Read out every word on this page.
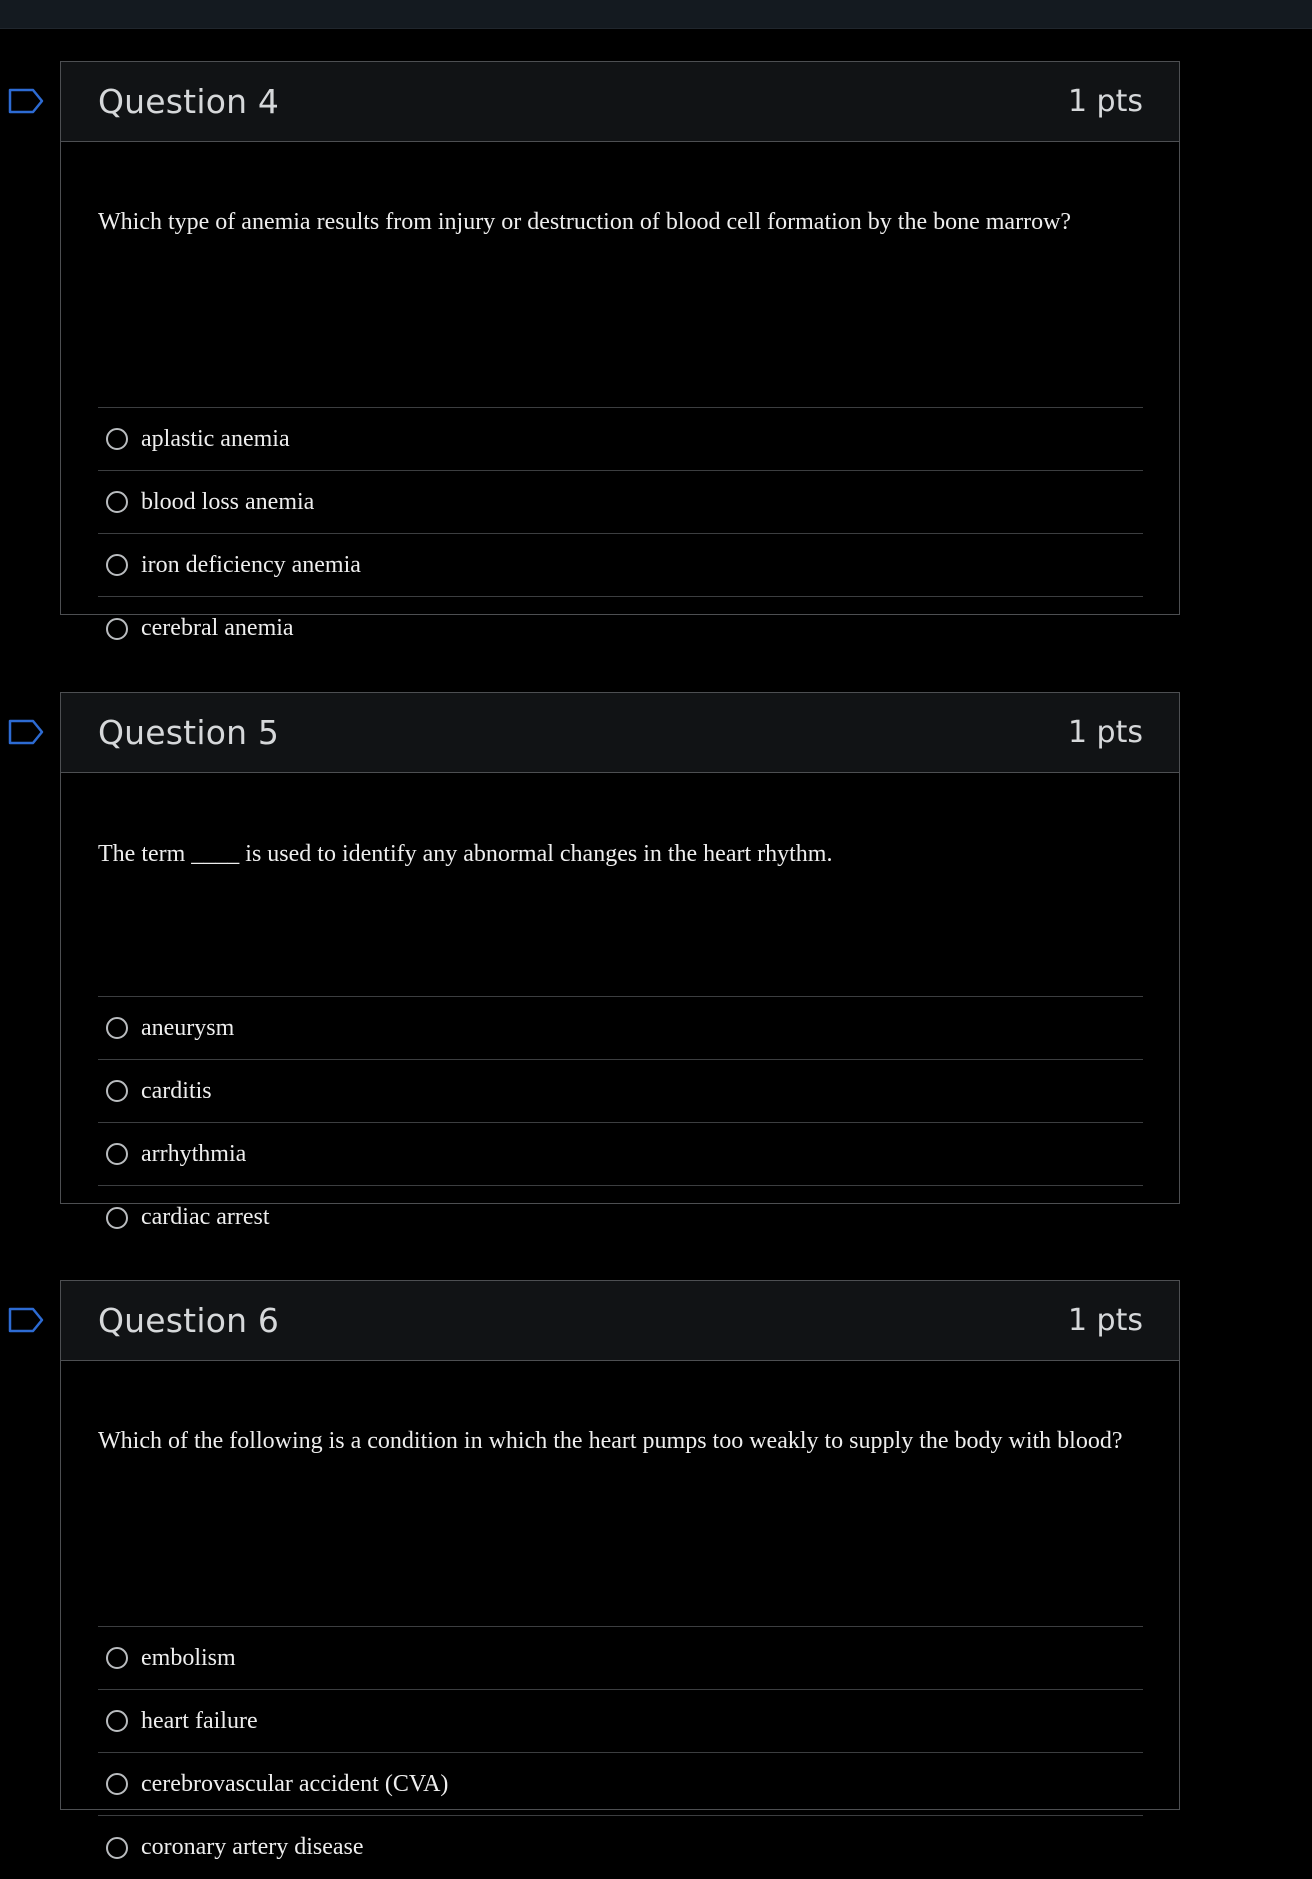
Question 4	1 pts
Which type of anemia results from injury or destruction of blood cell formation by the bone marrow?
aplastic anemia
blood loss anemia
iron deficiency anemia
cerebral anemia
Question 5	1 pts
The term ____ is used to identify any abnormal changes in the heart rhythm.
aneurysm
carditis
arrhythmia
cardiac arrest
Question 6	1 pts
Which of the following is a condition in which the heart pumps too weakly to supply the body with blood?
embolism
heart failure
cerebrovascular accident (CVA)
coronary artery disease
